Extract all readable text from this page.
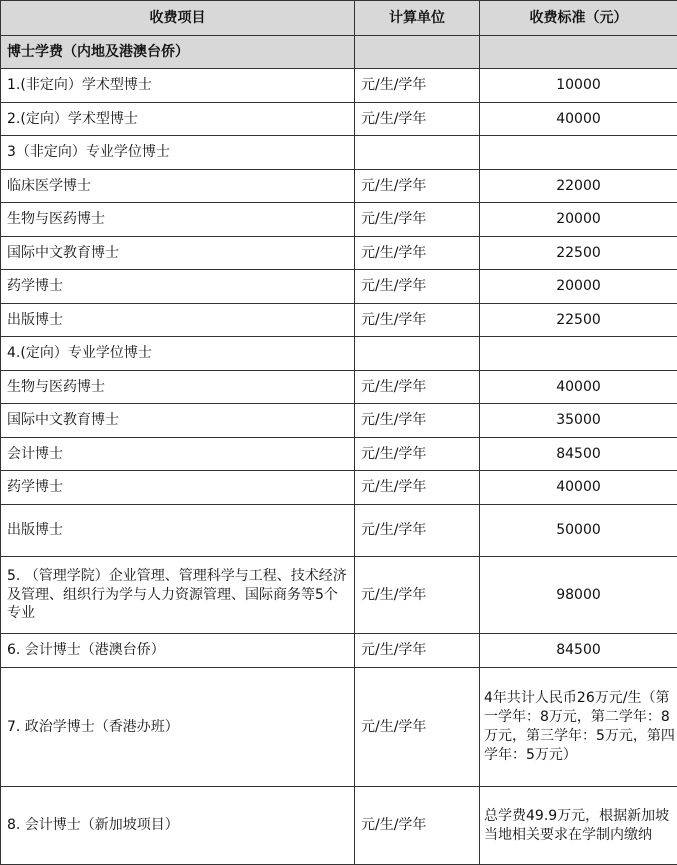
收费项目	计算单位	收费标准（元）
博士学费（内地及港澳台侨）		
1.(非定向）学术型博士	元/生/学年	10000
2.(定向）学术型博士	元/生/学年	40000
3（非定向）专业学位博士		
临床医学博士	元/生/学年	22000
生物与医药博士	元/生/学年	20000
国际中文教育博士	元/生/学年	22500
药学博士	元/生/学年	20000
出版博士	元/生/学年	22500
4.(定向）专业学位博士		
生物与医药博士	元/生/学年	40000
国际中文教育博士	元/生/学年	35000
会计博士	元/生/学年	84500
药学博士	元/生/学年	40000
出版博士	元/生/学年	50000
5. （管理学院）企业管理、管理科学与工程、技术经济及管理、组织行为学与人力资源管理、国际商务等5个专业	元/生/学年	98000
6. 会计博士（港澳台侨）	元/生/学年	84500
7. 政治学博士（香港办班）	元/生/学年	4年共计人民币26万元/生（第一学年：8万元，第二学年：8万元，第三学年：5万元，第四学年：5万元）
8. 会计博士（新加坡项目）	元/生/学年	总学费49.9万元，根据新加坡当地相关要求在学制内缴纳
